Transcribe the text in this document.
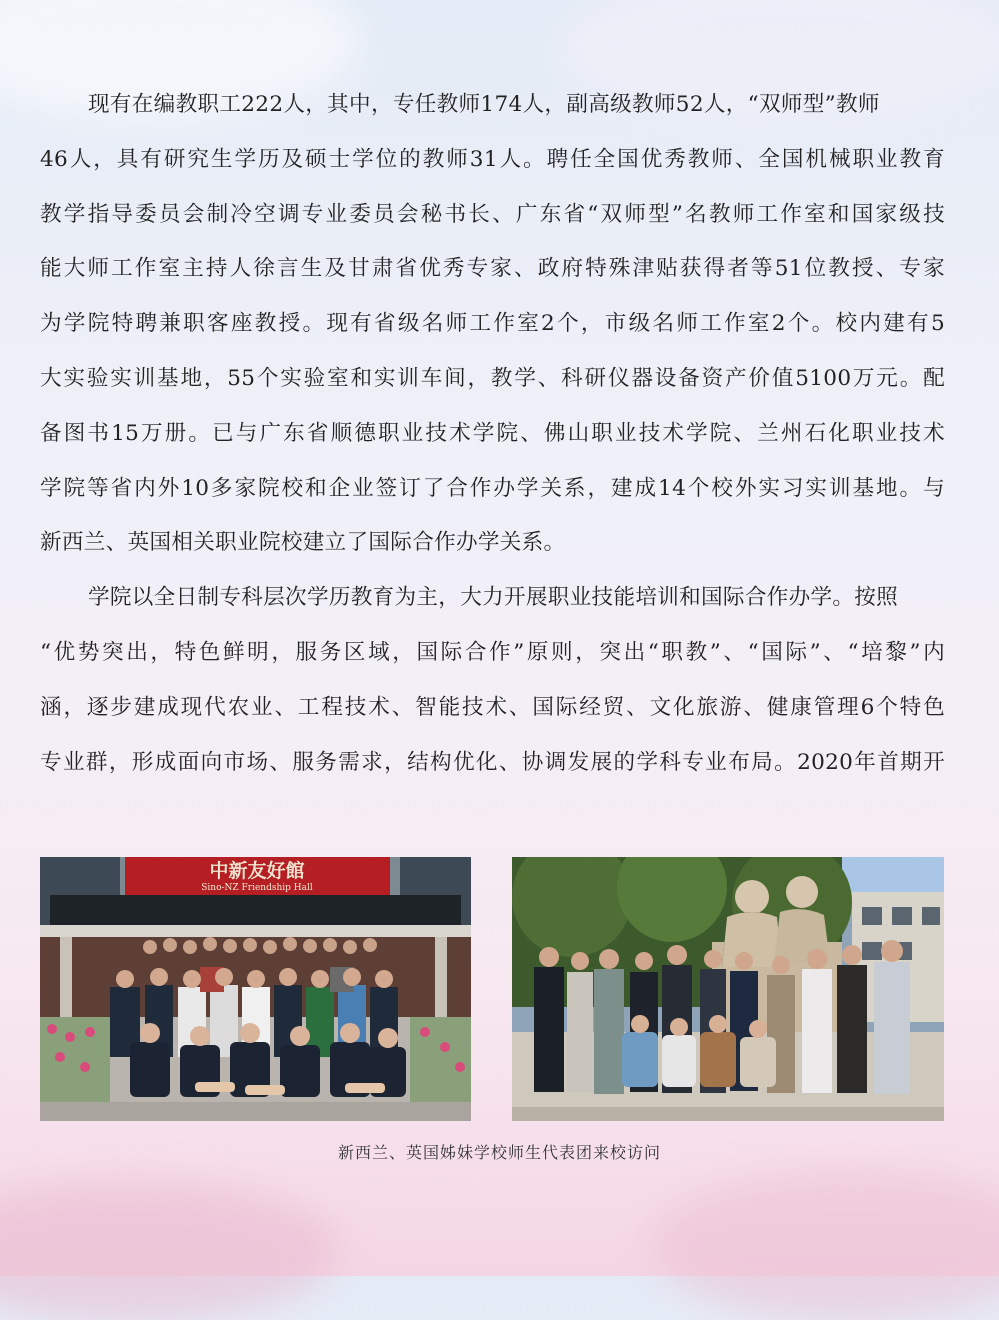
现有在编教职工222人，其中，专任教师174人，副高级教师52人，“双师型”教师
46人，具有研究生学历及硕士学位的教师31人。聘任全国优秀教师、全国机械职业教育
教学指导委员会制冷空调专业委员会秘书长、广东省“双师型”名教师工作室和国家级技
能大师工作室主持人徐言生及甘肃省优秀专家、政府特殊津贴获得者等51位教授、专家
为学院特聘兼职客座教授。现有省级名师工作室2个，市级名师工作室2个。校内建有5
大实验实训基地，55个实验室和实训车间，教学、科研仪器设备资产价值5100万元。配
备图书15万册。已与广东省顺德职业技术学院、佛山职业技术学院、兰州石化职业技术
学院等省内外10多家院校和企业签订了合作办学关系，建成14个校外实习实训基地。与
新西兰、英国相关职业院校建立了国际合作办学关系。
学院以全日制专科层次学历教育为主，大力开展职业技能培训和国际合作办学。按照
“优势突出，特色鲜明，服务区域，国际合作”原则，突出“职教”、“国际”、“培黎”内
涵，逐步建成现代农业、工程技术、智能技术、国际经贸、文化旅游、健康管理6个特色
专业群，形成面向市场、服务需求，结构优化、协调发展的学科专业布局。2020年首期开
中新友好館
Sino-NZ Friendship Hall
新西兰、英国姊妹学校师生代表团来校访问
